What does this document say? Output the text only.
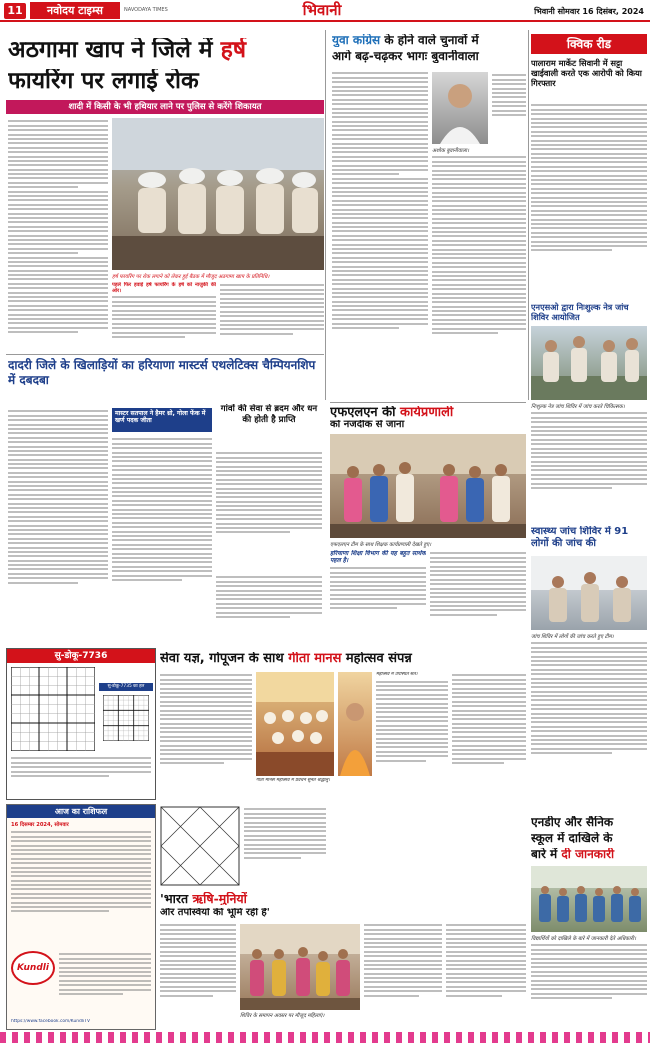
11	नवोदय टाइम्स	NAVODAYA TIMES	भिवानी	भिवानी सोमवार 16 दिसंबर, 2024
अठगामा खाप ने जिले में हर्ष
फायरिंग पर लगाई रोक
शादी में किसी के भी हथियार लाने पर पुलिस से करेंगे शिकायत
हर्ष फायरिंग पर रोक लगाने को लेकर हुई बैठक में मौजूद अठगामा खाप के प्रतिनिधि।
पहले फिर हवाई हर्ष फायरिंग के हर्ष को नाजुकी की ओर।
युवा कांग्रेस के होने वाले चुनावों में
आगे बढ़-चढ़कर भागः बुवानीवाला
अशोक बुवानीवाला।
क्विक रीड
पालाराम मार्केट सिवानी में सट्टा खाईवाली करते एक आरोपी को किया गिरफ्तार
एनएसओ द्वारा निःशुल्क नेत्र जांच शिविर आयोजित
निःशुल्क नेत्र जांच शिविर में जांच करते चिकित्सक।
स्वास्थ्य जांच शिविर में 91 लोगों की जांच की
जांच शिविर में लोगों की जांच करते हुए टीम।
दादरी जिले के खिलाड़ियों का हरियाणा मास्टर्स एथलेटिक्स चैम्पियनशिप में दबदबा
मास्टर सतपाल ने हैमर थ्रो, गोला फेंक में खर्ण पदक जीता
गांवों की सेवा से ब्रदम और धन की होती है प्राप्ति	एफएलएन की कार्यप्रणाली
को नजदीक से जाना
एफएलएन टीम के साथ शिक्षक कार्यप्रणाली देखते हुए।
हरियाणा शिक्षा विभाग की यह बहुत सार्थक पहल है।
सु-डोकू-7736
सु-डोकू-7735 का हल
सेवा यज्ञ, गोपूजन के साथ गीता मानस महोत्सव संपन्न
गीता मानस महोत्सव में प्रवचन सुनते श्रद्धालु।
महोत्सव में उपस्थित संत।
आज का राशिफल
16 दिसम्बर 2024, सोमवार
Kundli
https://www.facebook.com/KundliTV
'भारत ऋषि-मुनियों
और तपस्वियों की भूमि रही है'
शिविर के समापन अवसर पर मौजूद महिलाएं।
एनडीए और सैनिक
स्कूल में दाखिले के
बारे में दी जानकारी
विद्यार्थियों को दाखिले के बारे में जानकारी देते अधिकारी।
